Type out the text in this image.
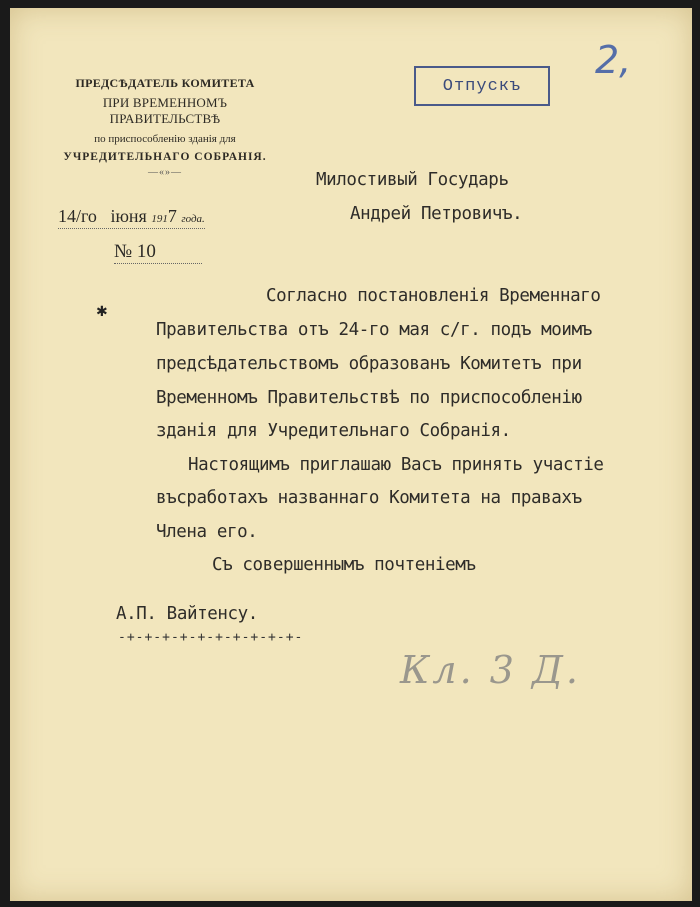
2,
ПРЕДСѢДАТЕЛЬ КОМИТЕТА
ПРИ ВРЕМЕННОМЪ ПРАВИТЕЛЬСТВѢ
по приспособленію зданія для
УЧРЕДИТЕЛЬНАГО СОБРАНІЯ.
—«»—
Отпускъ
14/го іюня 1917 года.
№ 10
Милостивый Государь
Андрей Петровичъ.
✱
Согласно постановленія Временнаго
Правительства отъ 24-го мая с/г. подъ моимъ
предсѣдательствомъ образованъ Комитетъ при
Временномъ Правительствѣ по приспособленію
зданія для Учредительнаго Собранія.
Настоящимъ приглашаю Васъ принять участіе
въсработахъ названнаго Комитета на правахъ
Члена его.
Съ совершеннымъ почтеніемъ
А.П. Вайтенсу.
-+-+-+-+-+-+-+-+-+-+-
Кл. 3 Д.
